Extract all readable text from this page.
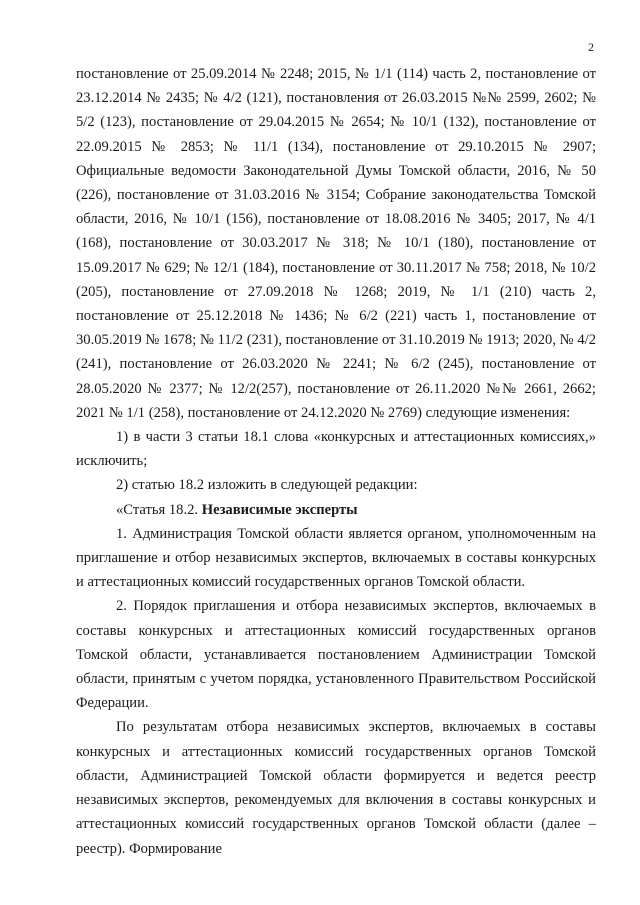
2

постановление от 25.09.2014 № 2248; 2015, № 1/1 (114) часть 2, постановление от 23.12.2014 № 2435; № 4/2 (121), постановления от 26.03.2015 №№ 2599, 2602; № 5/2 (123), постановление от 29.04.2015 № 2654; № 10/1 (132), постановление от 22.09.2015 № 2853; № 11/1 (134), постановление от 29.10.2015 № 2907; Официальные ведомости Законодательной Думы Томской области, 2016, № 50 (226), постановление от 31.03.2016 № 3154; Собрание законодательства Томской области, 2016, № 10/1 (156), постановление от 18.08.2016 № 3405; 2017, № 4/1 (168), постановление от 30.03.2017 № 318; № 10/1 (180), постановление от 15.09.2017 № 629; № 12/1 (184), постановление от 30.11.2017 № 758; 2018, № 10/2 (205), постановление от 27.09.2018 № 1268; 2019, № 1/1 (210) часть 2, постановление от 25.12.2018 № 1436; № 6/2 (221) часть 1, постановление от 30.05.2019 № 1678; № 11/2 (231), постановление от 31.10.2019 № 1913; 2020, № 4/2 (241), постановление от 26.03.2020 № 2241; № 6/2 (245), постановление от 28.05.2020 № 2377; № 12/2(257), постановление от 26.11.2020 №№ 2661, 2662; 2021 № 1/1 (258), постановление от 24.12.2020 № 2769) следующие изменения:

1) в части 3 статьи 18.1 слова «конкурсных и аттестационных комиссиях,» исключить;

2) статью 18.2 изложить в следующей редакции:

«Статья 18.2. Независимые эксперты

1. Администрация Томской области является органом, уполномоченным на приглашение и отбор независимых экспертов, включаемых в составы конкурсных и аттестационных комиссий государственных органов Томской области.

2. Порядок приглашения и отбора независимых экспертов, включаемых в составы конкурсных и аттестационных комиссий государственных органов Томской области, устанавливается постановлением Администрации Томской области, принятым с учетом порядка, установленного Правительством Российской Федерации.

По результатам отбора независимых экспертов, включаемых в составы конкурсных и аттестационных комиссий государственных органов Томской области, Администрацией Томской области формируется и ведется реестр независимых экспертов, рекомендуемых для включения в составы конкурсных и аттестационных комиссий государственных органов Томской области (далее – реестр). Формирование
